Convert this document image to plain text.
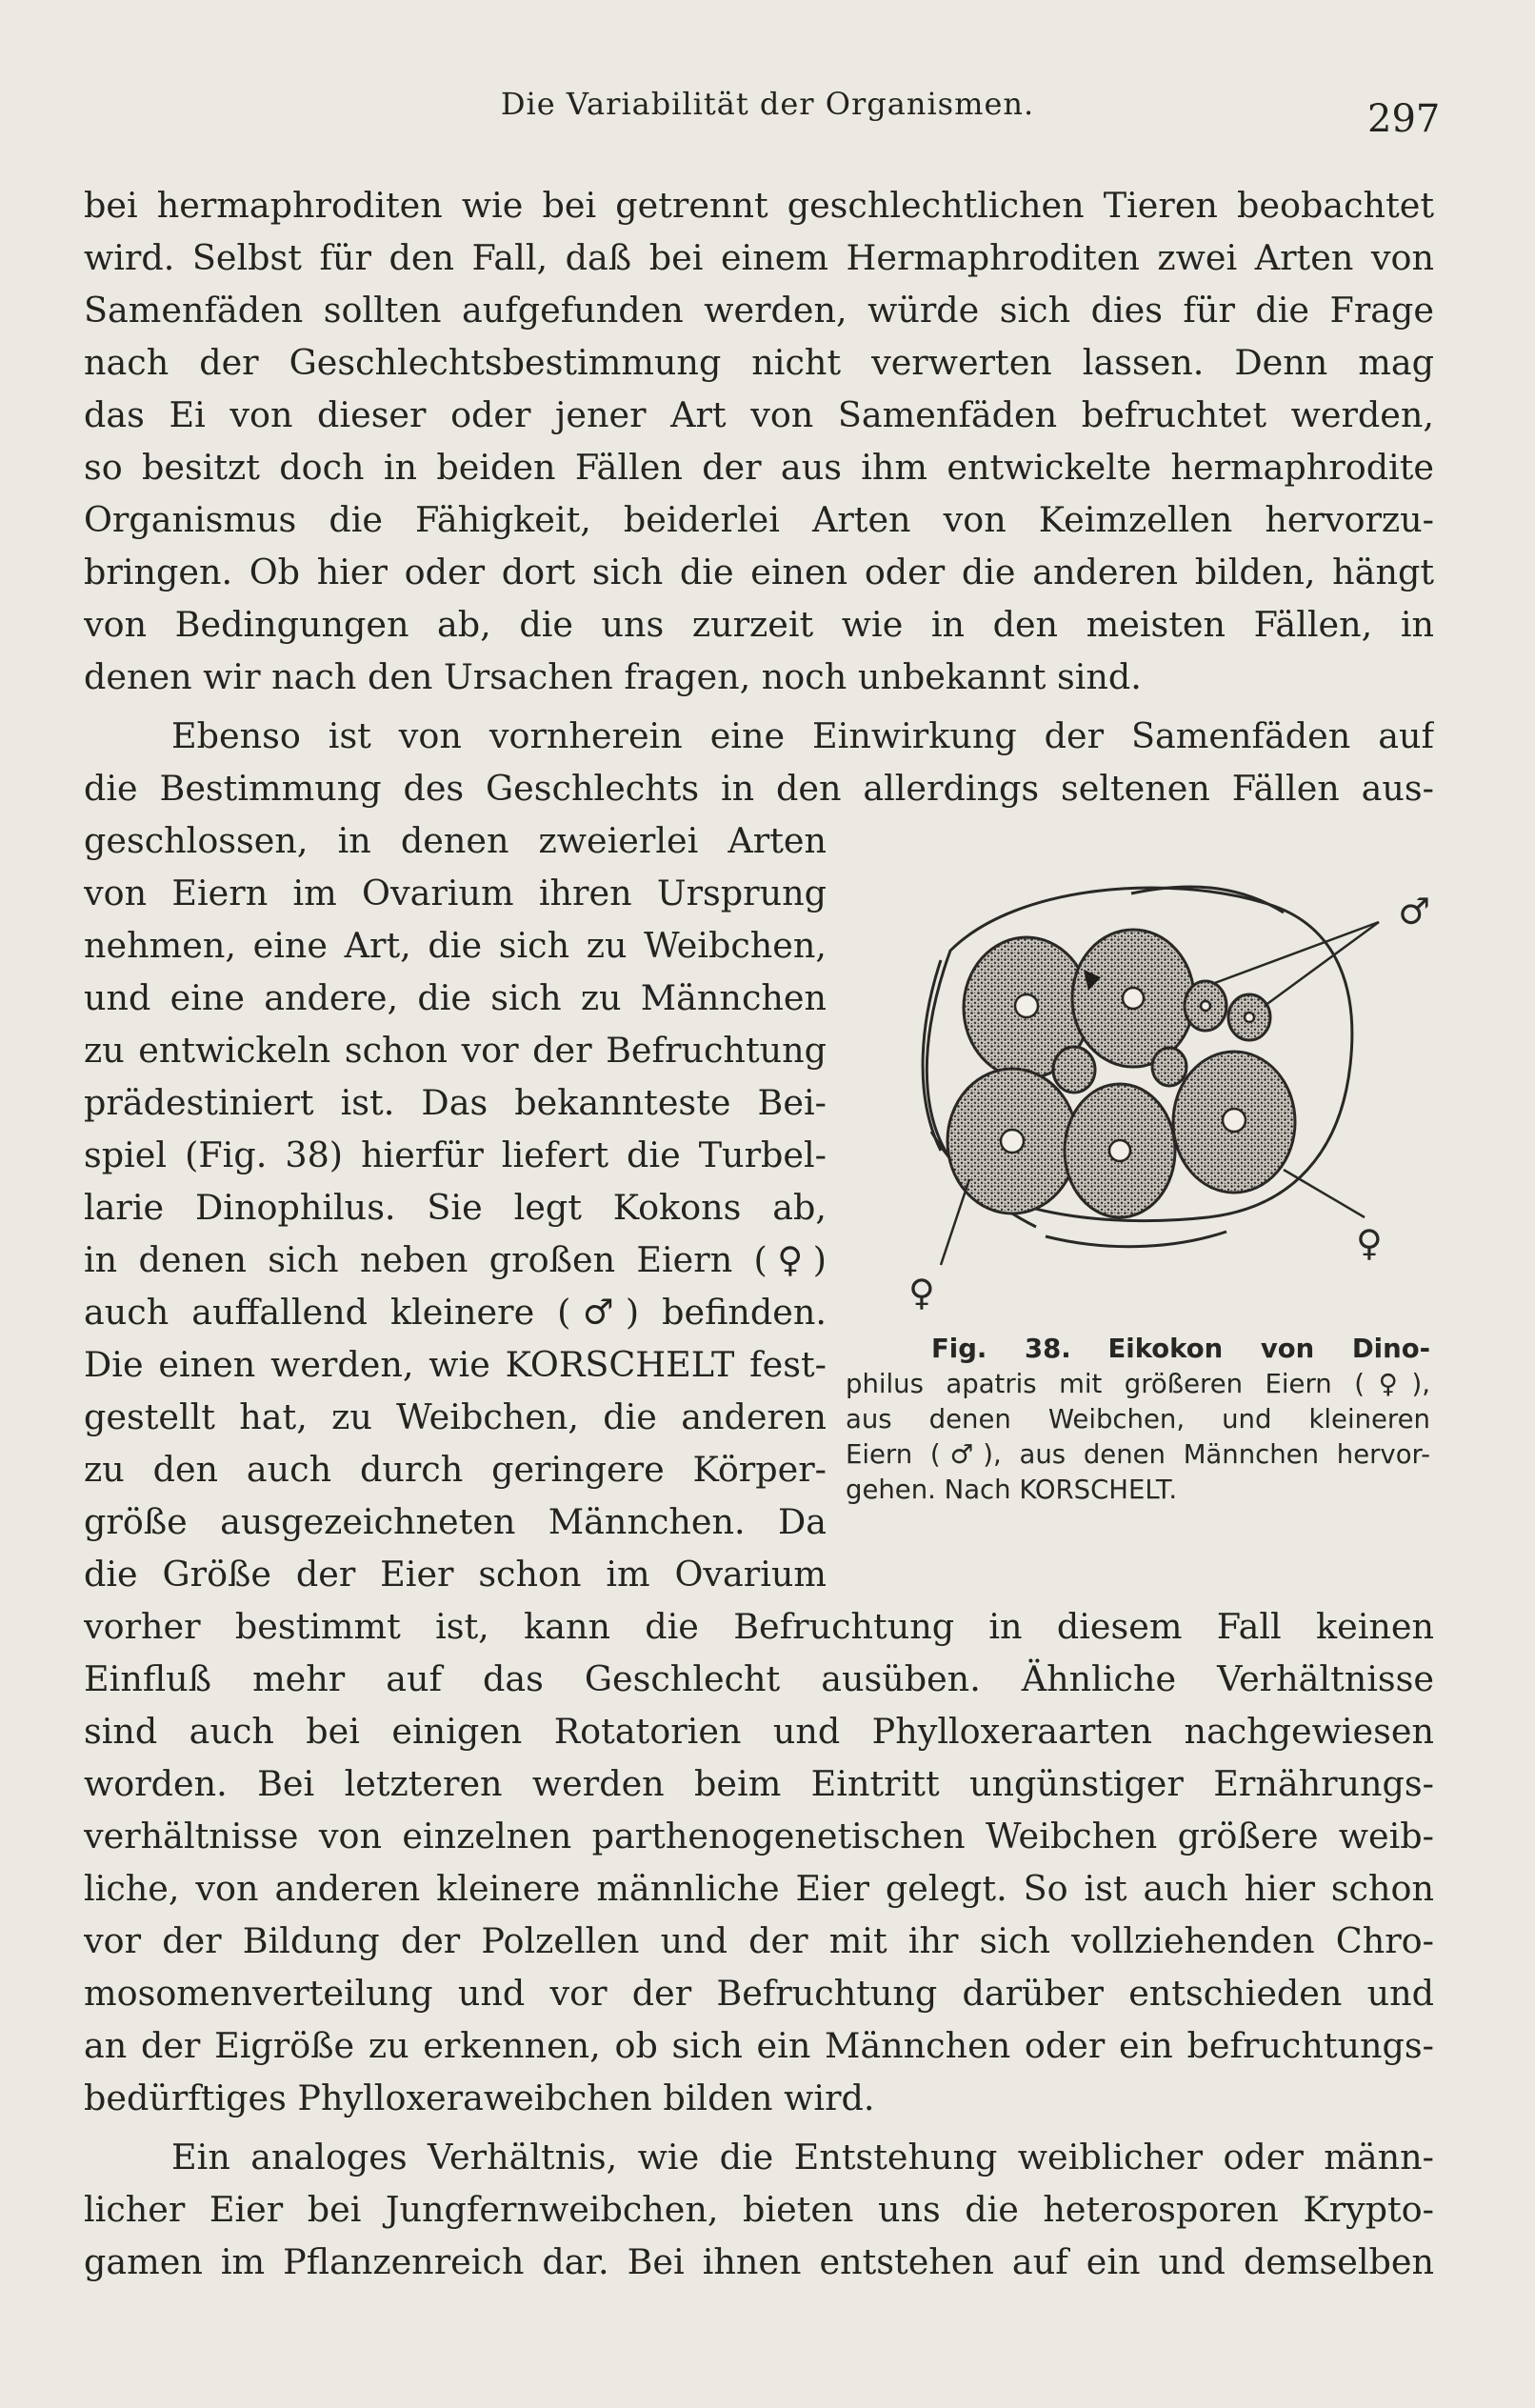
Die Variabilität der Organismen.	297
bei hermaphroditen wie bei getrennt geschlechtlichen Tieren beobachtet
wird. Selbst für den Fall, daß bei einem Hermaphroditen zwei Arten von
Samenfäden sollten aufgefunden werden, würde sich dies für die Frage
nach der Geschlechtsbestimmung nicht verwerten lassen. Denn mag
das Ei von dieser oder jener Art von Samenfäden befruchtet werden,
so besitzt doch in beiden Fällen der aus ihm entwickelte hermaphrodite
Organismus die Fähigkeit, beiderlei Arten von Keimzellen hervorzu-
bringen. Ob hier oder dort sich die einen oder die anderen bilden, hängt
von Bedingungen ab, die uns zurzeit wie in den meisten Fällen, in
denen wir nach den Ursachen fragen, noch unbekannt sind.
Ebenso ist von vornherein eine Einwirkung der Samenfäden auf
die Bestimmung des Geschlechts in den allerdings seltenen Fällen aus-
geschlossen, in denen zweierlei Arten
von Eiern im Ovarium ihren Ursprung
nehmen, eine Art, die sich zu Weibchen,
und eine andere, die sich zu Männchen
zu entwickeln schon vor der Befruchtung
prädestiniert ist. Das bekannteste Bei-
spiel (Fig. 38) hierfür liefert die Turbel-
larie Dinophilus. Sie legt Kokons ab,
in denen sich neben großen Eiern (♀)
auch auffallend kleinere (♂) befinden.
Die einen werden, wie KORSCHELT fest-
gestellt hat, zu Weibchen, die anderen
zu den auch durch geringere Körper-
größe ausgezeichneten Männchen. Da
die Größe der Eier schon im Ovarium
vorher bestimmt ist, kann die Befruchtung in diesem Fall keinen
Einfluß mehr auf das Geschlecht ausüben. Ähnliche Verhältnisse
sind auch bei einigen Rotatorien und Phylloxeraarten nachgewiesen
worden. Bei letzteren werden beim Eintritt ungünstiger Ernährungs-
verhältnisse von einzelnen parthenogenetischen Weibchen größere weib-
liche, von anderen kleinere männliche Eier gelegt. So ist auch hier schon
vor der Bildung der Polzellen und der mit ihr sich vollziehenden Chro-
mosomenverteilung und vor der Befruchtung darüber entschieden und
an der Eigröße zu erkennen, ob sich ein Männchen oder ein befruchtungs-
bedürftiges Phylloxeraweibchen bilden wird.
Ein analoges Verhältnis, wie die Entstehung weiblicher oder männ-
licher Eier bei Jungfernweibchen, bieten uns die heterosporen Krypto-
gamen im Pflanzenreich dar. Bei ihnen entstehen auf ein und demselben
♂
♀
♀
Fig. 38. Eikokon von Dino-
philus apatris mit größeren Eiern (♀),
aus denen Weibchen, und kleineren
Eiern (♂), aus denen Männchen hervor-
gehen. Nach KORSCHELT.
